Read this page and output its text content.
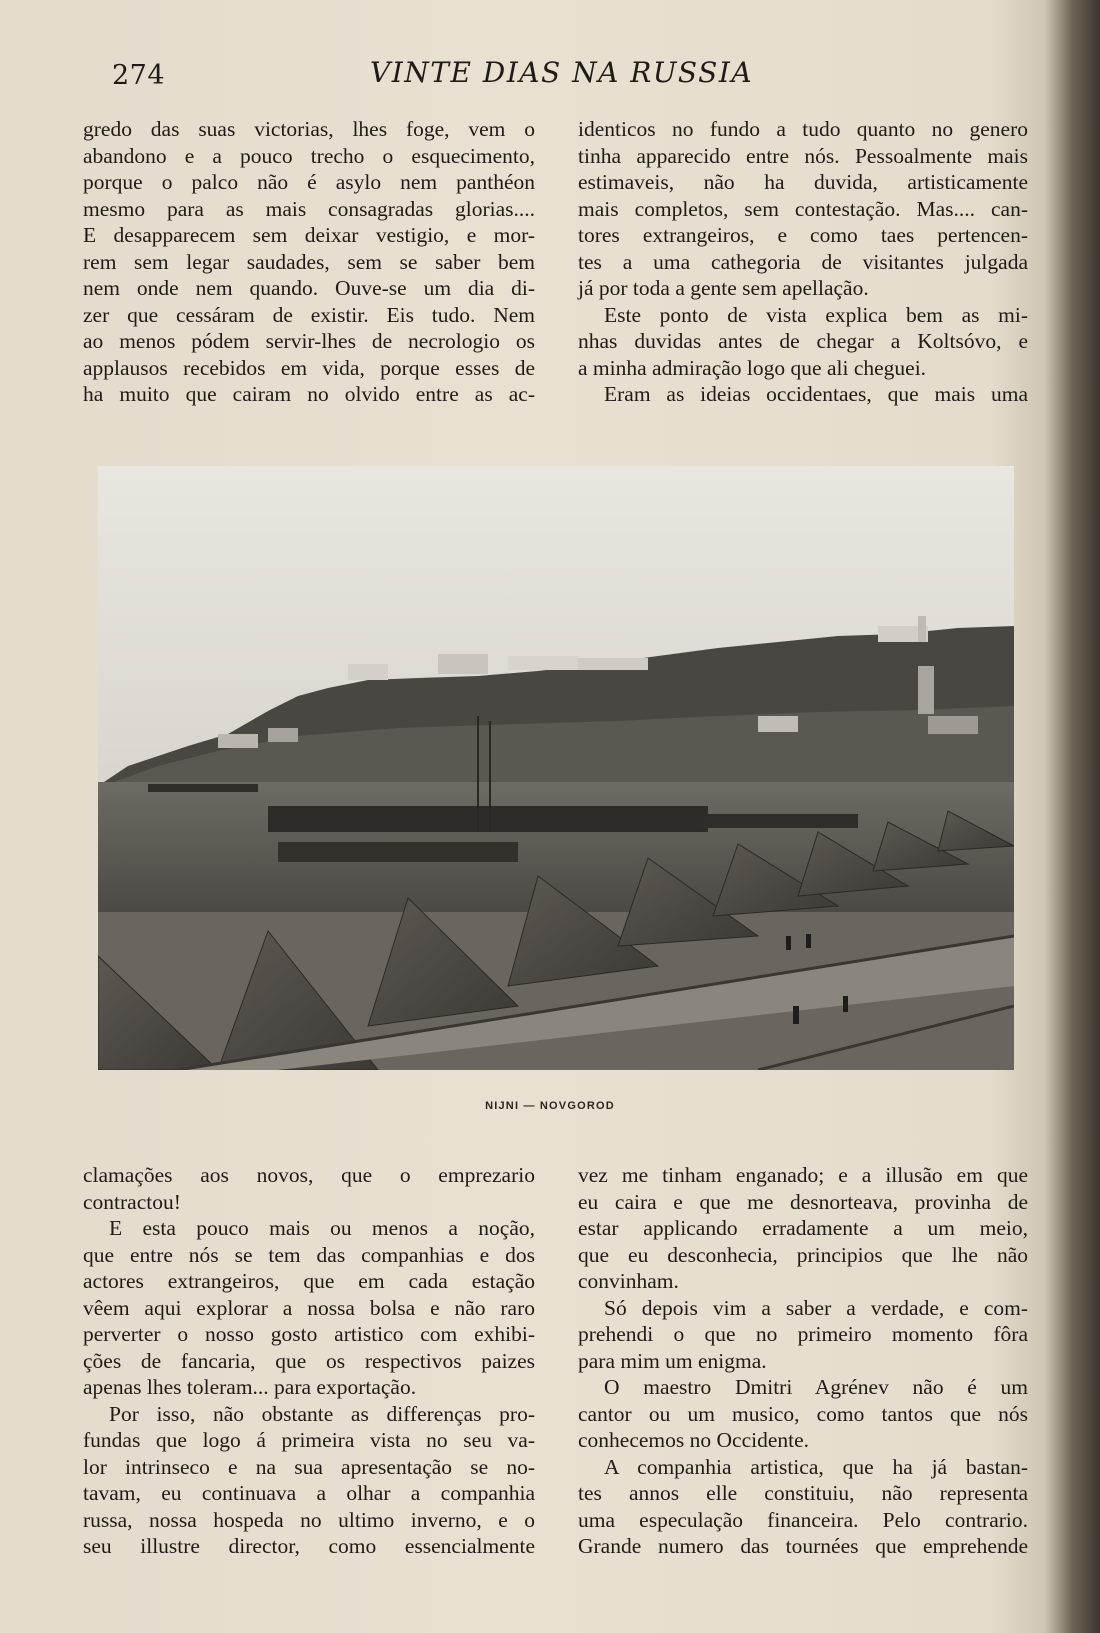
274	VINTE DIAS NA RUSSIA
gredo das suas victorias, lhes foge, vem o
abandono e a pouco trecho o esquecimento,
porque o palco não é asylo nem panthéon
mesmo para as mais consagradas glorias....
E desapparecem sem deixar vestigio, e mor-
rem sem legar saudades, sem se saber bem
nem onde nem quando. Ouve-se um dia di-
zer que cessáram de existir. Eis tudo. Nem
ao menos pódem servir-lhes de necrologio os
applausos recebidos em vida, porque esses de
ha muito que cairam no olvido entre as ac-
identicos no fundo a tudo quanto no genero
tinha apparecido entre nós. Pessoalmente mais
estimaveis, não ha duvida, artisticamente
mais completos, sem contestação. Mas.... can-
tores extrangeiros, e como taes pertencen-
tes a uma cathegoria de visitantes julgada
já por toda a gente sem apellação.
Este ponto de vista explica bem as mi-
nhas duvidas antes de chegar a Koltsóvo, e
a minha admiração logo que ali cheguei.
Eram as ideias occidentaes, que mais uma
NIJNI — NOVGOROD
clamações aos novos, que o emprezario
contractou!
E esta pouco mais ou menos a noção,
que entre nós se tem das companhias e dos
actores extrangeiros, que em cada estação
vêem aqui explorar a nossa bolsa e não raro
perverter o nosso gosto artistico com exhibi-
ções de fancaria, que os respectivos paizes
apenas lhes toleram... para exportação.
Por isso, não obstante as differenças pro-
fundas que logo á primeira vista no seu va-
lor intrinseco e na sua apresentação se no-
tavam, eu continuava a olhar a companhia
russa, nossa hospeda no ultimo inverno, e o
seu illustre director, como essencialmente
vez me tinham enganado; e a illusão em que
eu caira e que me desnorteava, provinha de
estar applicando erradamente a um meio,
que eu desconhecia, principios que lhe não
convinham.
Só depois vim a saber a verdade, e com-
prehendi o que no primeiro momento fôra
para mim um enigma.
O maestro Dmitri Agrénev não é um
cantor ou um musico, como tantos que nós
conhecemos no Occidente.
A companhia artistica, que ha já bastan-
tes annos elle constituiu, não representa
uma especulação financeira. Pelo contrario.
Grande numero das tournées que emprehende
